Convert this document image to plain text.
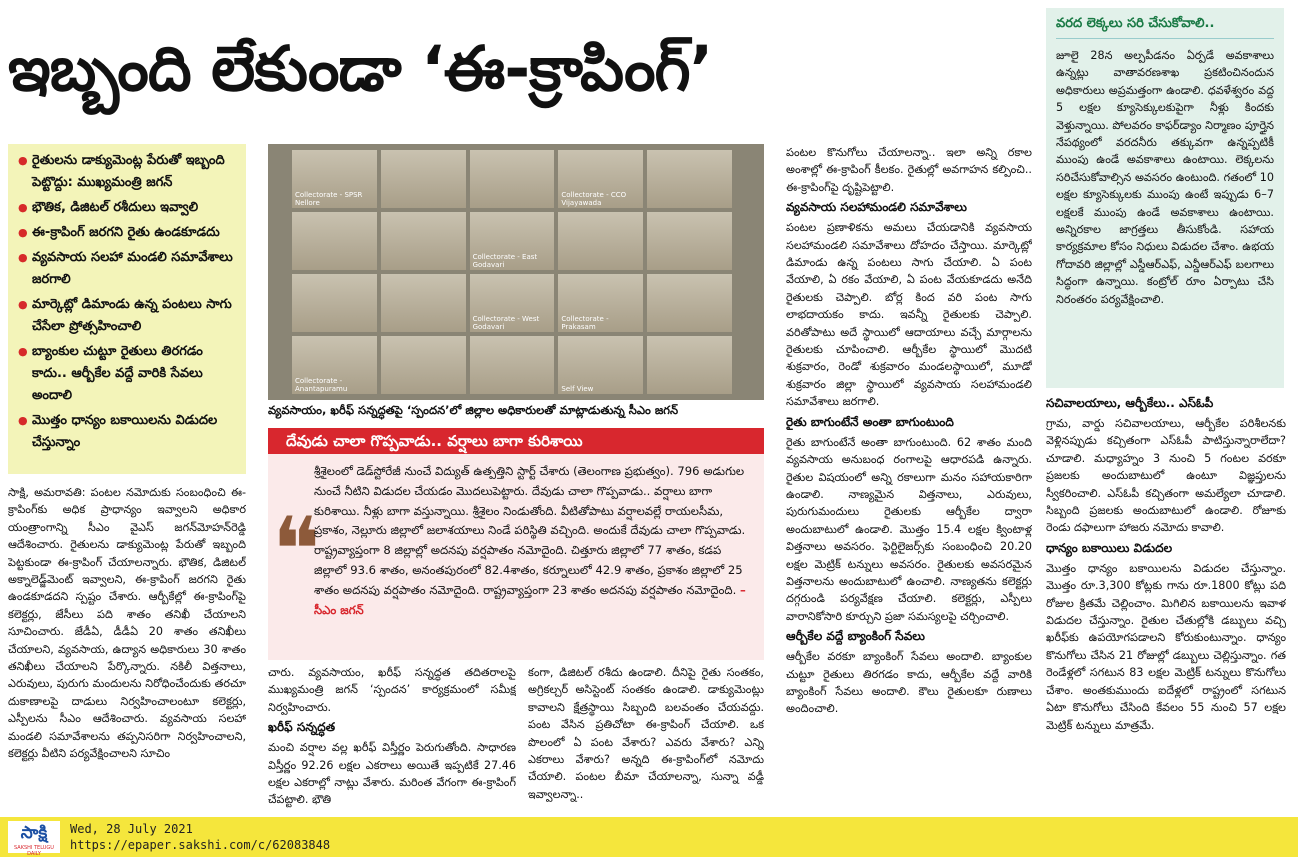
ఇబ్బంది లేకుండా ‘ఈ-క్రాపింగ్’
వరద లెక్కలు సరి చేసుకోవాలి..
జూలై 28న అల్పపీడనం ఏర్పడే అవకాశాలు ఉన్నట్లు వాతావరణశాఖ ప్రకటించినందున అధికారులు అప్రమత్తంగా ఉండాలి. ధవళేశ్వరం వద్ద 5 లక్షల క్యూసెక్కులకుపైగా నీళ్లు కిందకు వెళ్తున్నాయి. పోలవరం కాఫర్‌డ్యాం నిర్మాణం పూర్తైన నేపథ్యంలో వరదనీరు తక్కువగా ఉన్నప్పటికీ ముంపు ఉండే అవకాశాలు ఉంటాయి. లెక్కలను సరిచేసుకోవాల్సిన అవసరం ఉంటుంది. గతంలో 10 లక్షల క్యూసెక్కులకు ముంపు ఉంటే ఇప్పుడు 6–7 లక్షలకే ముంపు ఉండే అవకాశాలు ఉంటాయి. అన్నిరకాల జాగ్రత్తలు తీసుకోండి. సహాయ కార్యక్రమాల కోసం నిధులు విడుదల చేశాం. ఉభయ గోదావరి జిల్లాల్లో ఎస్డీఆర్‌ఎఫ్, ఎన్డీఆర్‌ఎఫ్ బలగాలు సిద్ధంగా ఉన్నాయి. కంట్రోల్ రూం ఏర్పాటు చేసి నిరంతరం పర్యవేక్షించాలి.
● రైతులను డాక్యుమెంట్ల పేరుతో ఇబ్బంది పెట్టొద్దు: ముఖ్యమంత్రి జగన్
● భౌతిక, డిజిటల్ రశీదులు ఇవ్వాలి
● ఈ-క్రాపింగ్ జరగని రైతు ఉండకూడదు
● వ్యవసాయ సలహా మండలి సమావేశాలు జరగాలి
● మార్కెట్లో డిమాండు ఉన్న పంటలు సాగు చేసేలా ప్రోత్సహించాలి
● బ్యాంకుల చుట్టూ రైతులు తిరగడం కాదు.. ఆర్బీకేల వద్దే వారికి సేవలు అందాలి
● మొత్తం ధాన్యం బకాయిలను విడుదల చేస్తున్నాం

సాక్షి, అమరావతి: పంటల నమోదుకు సంబంధించి ఈ-క్రాపింగ్‌కు అధిక ప్రాధాన్యం ఇవ్వాలని అధికార యంత్రాంగాన్ని సీఎం వైఎస్ జగన్‌మోహన్‌రెడ్డి ఆదేశించారు. రైతులను డాక్యుమెంట్ల పేరుతో ఇబ్బంది పెట్టకుండా ఈ-క్రాపింగ్ చేయాలన్నారు. భౌతిక, డిజిటల్ అక్నాలెడ్జ్‌మెంట్ ఇవ్వాలని, ఈ-క్రాపింగ్ జరగని రైతు ఉండకూడదని స్పష్టం చేశారు. ఆర్బీకేల్లో ఈ-క్రాపింగ్‌పై కలెక్టర్లు, జేసీలు పది శాతం తనిఖీ చేయాలని సూచించారు. జేడీఏ, డీడీఏ 20 శాతం తనిఖీలు చేయాలని, వ్యవసాయ, ఉద్యాన అధికారులు 30 శాతం తనిఖీలు చేయాలని పేర్కొన్నారు. నకిలీ విత్తనాలు, ఎరువులు, పురుగు మందులను నిరోధించేందుకు తరచూ దుకాణాలపై దాడులు నిర్వహించాలంటూ కలెక్టర్లు, ఎస్పీలను సీఎం ఆదేశించారు. వ్యవసాయ సలహా మండలి సమావేశాలను తప్పనిసరిగా నిర్వహించాలని, కలెక్టర్లు వీటిని పర్యవేక్షించాలని సూచిం

Collectorate - SPSR Nellore
Collectorate - CCO Vijayawada
Collectorate - East Godavari
Collectorate - West Godavari
Collectorate - Prakasam
Collectorate - Anantapuramu	Self View
వ్యవసాయం, ఖరీఫ్ సన్నద్ధతపై ‘స్పందన’లో జిల్లాల అధికారులతో మాట్లాడుతున్న సీఎం జగన్
దేవుడు చాలా గొప్పవాడు.. వర్షాలు బాగా కురిశాయి
❝
శ్రీశైలంలో డెడ్‌స్టోరేజీ నుంచే విద్యుత్ ఉత్పత్తిని స్టార్ట్ చేశారు (తెలంగాణ ప్రభుత్వం). 796 అడుగుల నుంచే నీటిని విడుదల చేయడం మొదలుపెట్టారు. దేవుడు చాలా గొప్పవాడు.. వర్షాలు బాగా కురిశాయి. నీళ్లు బాగా వస్తున్నాయి. శ్రీశైలం నిండుతోంది. వీటితోపాటు వర్షాలవల్లే రాయలసీమ, ప్రకాశం, నెల్లూరు జిల్లాలో జలాశయాలు నిండే పరిస్థితి వచ్చింది. అందుకే దేవుడు చాలా గొప్పవాడు. రాష్ట్రవ్యాప్తంగా 8 జిల్లాల్లో అదనపు వర్షపాతం నమోదైంది. చిత్తూరు జిల్లాలో 77 శాతం, కడప జిల్లాలో 93.6 శాతం, అనంతపురంలో 82.4శాతం, కర్నూలులో 42.9 శాతం, ప్రకాశం జిల్లాలో 25 శాతం అదనపు వర్షపాతం నమోదైంది. రాష్ట్రవ్యాప్తంగా 23 శాతం అదనపు వర్షపాతం నమోదైంది. – సీఎం జగన్

చారు. వ్యవసాయం, ఖరీఫ్ సన్నద్ధత తదితరాలపై ముఖ్యమంత్రి జగన్ ‘స్పందన’ కార్యక్రమంలో సమీక్ష నిర్వహించారు.

ఖరీఫ్ సన్నద్ధత

మంచి వర్షాల వల్ల ఖరీఫ్ విస్తీర్ణం పెరుగుతోంది. సాధారణ విస్తీర్ణం 92.26 లక్షల ఎకరాలు అయితే ఇప్పటికే 27.46 లక్షల ఎకరాల్లో నాట్లు వేశారు. మరింత వేగంగా ఈ-క్రాపింగ్ చేపట్టాలి. భౌతి

కంగా, డిజిటల్ రశీదు ఉండాలి. దీనిపై రైతు సంతకం, అగ్రికల్చర్ అసిస్టెంట్ సంతకం ఉండాలి. డాక్యుమెంట్లు కావాలని క్షేత్రస్థాయి సిబ్బంది బలవంతం చేయవద్దు. పంట వేసిన ప్రతిచోటా ఈ-క్రాపింగ్ చేయాలి. ఒక పొలంలో ఏ పంట వేశారు? ఎవరు వేశారు? ఎన్ని ఎకరాలు వేశారు? అన్నది ఈ-క్రాపింగ్‌లో నమోదు చేయాలి. పంటల బీమా చేయాలన్నా, సున్నా వడ్డీ ఇవ్వాలన్నా..

పంటల కొనుగోలు చేయాలన్నా.. ఇలా అన్ని రకాల అంశాల్లో ఈ-క్రాపింగ్ కీలకం. రైతుల్లో అవగాహన కల్పించి.. ఈ-క్రాపింగ్‌పై దృష్టిపెట్టాలి.

వ్యవసాయ సలహామండలి సమావేశాలు

పంటల ప్రణాళికను అమలు చేయడానికి వ్యవసాయ సలహామండలి సమావేశాలు దోహదం చేస్తాయి. మార్కెట్లో డిమాండు ఉన్న పంటలు సాగు చేయాలి. ఏ పంట వేయాలి, ఏ రకం వేయాలి, ఏ పంట వేయకూడదు అనేది రైతులకు చెప్పాలి. బోర్ల కింద వరి పంట సాగు లాభదాయకం కాదు. ఇవన్నీ రైతులకు చెప్పాలి. వరితోపాటు అదే స్థాయిలో ఆదాయాలు వచ్చే మార్గాలను రైతులకు చూపించాలి. ఆర్బీకేల స్థాయిలో మొదటి శుక్రవారం, రెండో శుక్రవారం మండలస్థాయిలో, మూడో శుక్రవారం జిల్లా స్థాయిలో వ్యవసాయ సలహామండలి సమావేశాలు జరగాలి.

రైతు బాగుంటేనే అంతా బాగుంటుంది

రైతు బాగుంటేనే అంతా బాగుంటుంది. 62 శాతం మంది వ్యవసాయ అనుబంధ రంగాలపై ఆధారపడి ఉన్నారు. రైతుల విషయంలో అన్ని రకాలుగా మనం సహాయకారిగా ఉండాలి. నాణ్యమైన విత్తనాలు, ఎరువులు, పురుగుమందులు రైతులకు ఆర్బీకేల ద్వారా అందుబాటులో ఉండాలి. మొత్తం 15.4 లక్షల క్వింటాళ్ల విత్తనాలు అవసరం. ఫెర్టిలైజర్స్‌కు సంబంధించి 20.20 లక్షల మెట్రిక్ టన్నులు అవసరం. రైతులకు అవసరమైన విత్తనాలను అందుబాటులో ఉంచాలి. నాణ్యతను కలెక్టర్లు దగ్గరుండి పర్యవేక్షణ చేయాలి. కలెక్టర్లు, ఎస్పీలు వారానికోసారి కూర్చుని ప్రజా సమస్యలపై చర్చించాలి.

ఆర్బీకేల వద్దే బ్యాంకింగ్ సేవలు

ఆర్బీకేల వరకూ బ్యాంకింగ్ సేవలు అందాలి. బ్యాంకుల చుట్టూ రైతులు తిరగడం కాదు, ఆర్బీకేల వద్దే వారికి బ్యాంకింగ్ సేవలు అందాలి. కౌలు రైతులకూ రుణాలు అందించాలి.

సచివాలయాలు, ఆర్బీకేలు.. ఎస్‌ఓపీ

గ్రామ, వార్డు సచివాలయాలు, ఆర్బీకేల పరిశీలనకు వెళ్లినప్పుడు కచ్చితంగా ఎస్‌ఓపీ పాటిస్తున్నారాలేదా? చూడాలి. మధ్యాహ్నం 3 నుంచి 5 గంటల వరకూ ప్రజలకు అందుబాటులో ఉంటూ విజ్ఞప్తులను స్వీకరించాలి. ఎస్‌ఓపీ కచ్చితంగా అమల్యేలా చూడాలి. సిబ్బంది ప్రజలకు అందుబాటులో ఉండాలి. రోజూకు రెండు దఫాలుగా హాజరు నమోదు కావాలి.

ధాన్యం బకాయిలు విడుదల

మొత్తం ధాన్యం బకాయిలను విడుదల చేస్తున్నాం. మొత్తం రూ.3,300 కోట్లకు గాను రూ.1800 కోట్లు పది రోజుల క్రితమే చెల్లించాం. మిగిలిన బకాయిలను ఇవాళ విడుదల చేస్తున్నాం. రైతుల చేతుల్లోకి డబ్బులు వచ్చి ఖరీఫ్‌కు ఉపయోగపడాలని కోరుకుంటున్నాం. ధాన్యం కొనుగోలు చేసిన 21 రోజుల్లో డబ్బులు చెల్లిస్తున్నాం. గత రెండేళ్లలో సగటున 83 లక్షల మెట్రిక్ టన్నులు కొనుగోలు చేశాం. అంతకుముందు ఐదేళ్లలో రాష్ట్రంలో సగటున ఏటా కొనుగోలు చేసింది కేవలం 55 నుంచి 57 లక్షల మెట్రిక్ టన్నులు మాత్రమే.

సాక్షి
SAKSHI TELUGU DAILY
Wed, 28 July 2021
https://epaper.sakshi.com/c/62083848
